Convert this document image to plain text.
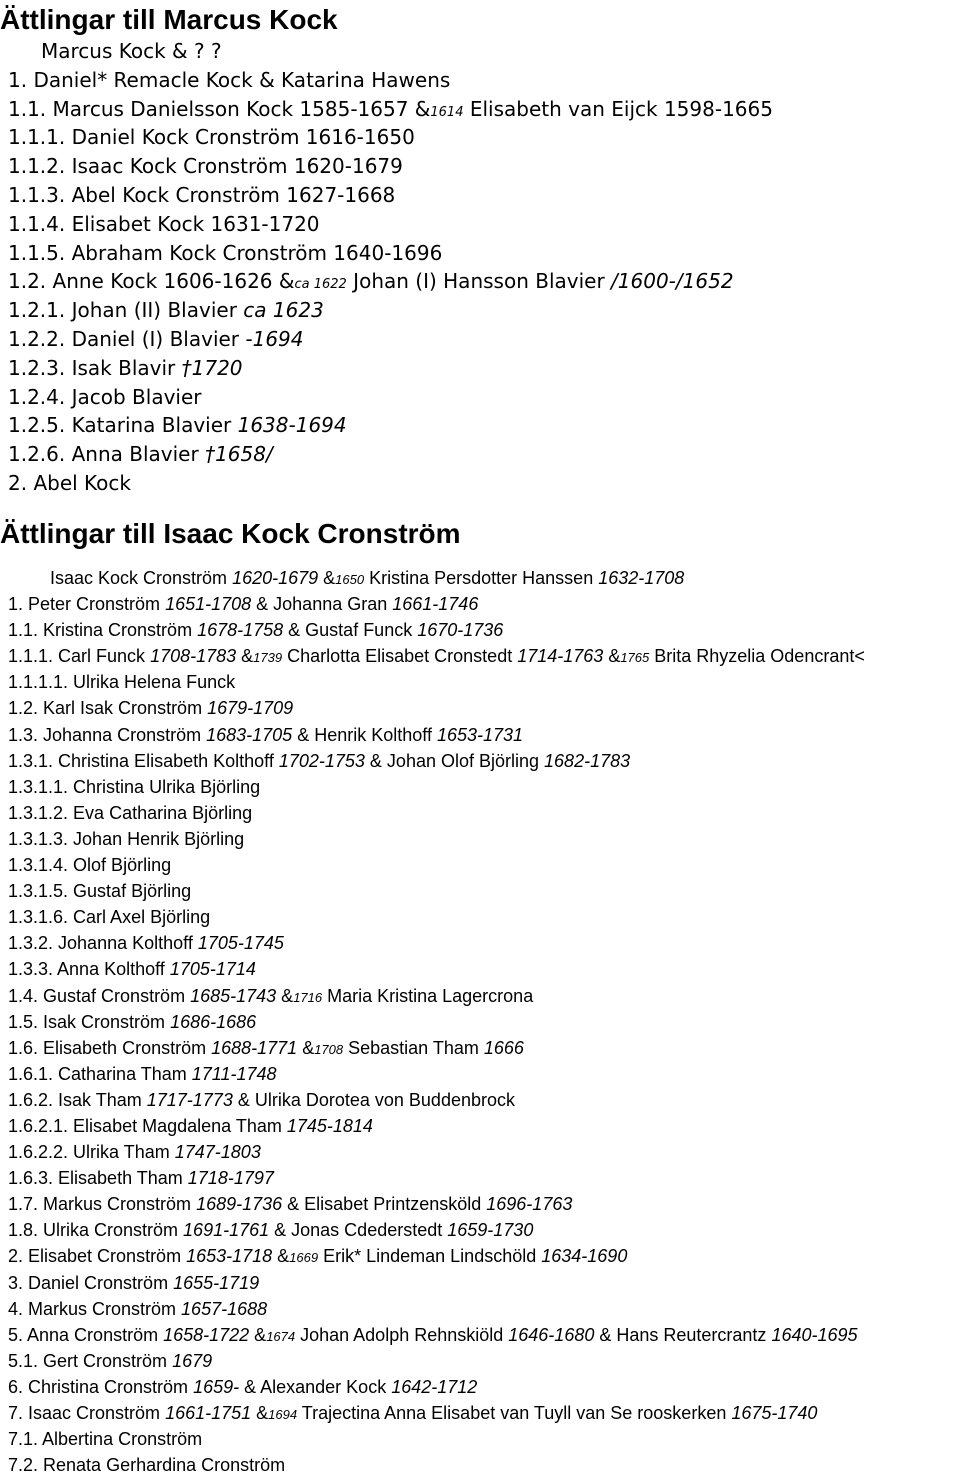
Ättlingar till Marcus Kock
Marcus Kock & ? ?
1. Daniel* Remacle Kock & Katarina Hawens
1.1. Marcus Danielsson Kock 1585-1657 &1614 Elisabeth van Eijck 1598-1665
1.1.1. Daniel Kock Cronström 1616-1650
1.1.2. Isaac Kock Cronström 1620-1679
1.1.3. Abel Kock Cronström 1627-1668
1.1.4. Elisabet Kock 1631-1720
1.1.5. Abraham Kock Cronström 1640-1696
1.2. Anne Kock 1606-1626 &ca 1622 Johan (I) Hansson Blavier /1600-/1652
1.2.1. Johan (II) Blavier ca 1623
1.2.2. Daniel (I) Blavier -1694
1.2.3. Isak Blavir †1720
1.2.4. Jacob Blavier
1.2.5. Katarina Blavier 1638-1694
1.2.6. Anna Blavier †1658/
2. Abel Kock
Ättlingar till Isaac Kock Cronström
Isaac Kock Cronström 1620-1679 &1650 Kristina Persdotter Hanssen 1632-1708
1. Peter Cronström 1651-1708 & Johanna Gran 1661-1746
1.1. Kristina Cronström 1678-1758 & Gustaf Funck 1670-1736
1.1.1. Carl Funck 1708-1783 &1739 Charlotta Elisabet Cronstedt 1714-1763 &1765 Brita Rhyzelia Odencrant<
1.1.1.1. Ulrika Helena Funck
1.2. Karl Isak Cronström 1679-1709
1.3. Johanna Cronström 1683-1705 & Henrik Kolthoff 1653-1731
1.3.1. Christina Elisabeth Kolthoff 1702-1753 & Johan Olof Björling 1682-1783
1.3.1.1. Christina Ulrika Björling
1.3.1.2. Eva Catharina Björling
1.3.1.3. Johan Henrik Björling
1.3.1.4. Olof Björling
1.3.1.5. Gustaf Björling
1.3.1.6. Carl Axel Björling
1.3.2. Johanna Kolthoff 1705-1745
1.3.3. Anna Kolthoff 1705-1714
1.4. Gustaf Cronström 1685-1743 &1716 Maria Kristina Lagercrona
1.5. Isak Cronström 1686-1686
1.6. Elisabeth Cronström 1688-1771 &1708 Sebastian Tham 1666
1.6.1. Catharina Tham 1711-1748
1.6.2. Isak Tham 1717-1773 & Ulrika Dorotea von Buddenbrock
1.6.2.1. Elisabet Magdalena Tham 1745-1814
1.6.2.2. Ulrika Tham 1747-1803
1.6.3. Elisabeth Tham 1718-1797
1.7. Markus Cronström 1689-1736 & Elisabet Printzensköld 1696-1763
1.8. Ulrika Cronström 1691-1761 & Jonas Cdederstedt 1659-1730
2. Elisabet Cronström 1653-1718 &1669 Erik* Lindeman Lindschöld 1634-1690
3. Daniel Cronström 1655-1719
4. Markus Cronström 1657-1688
5. Anna Cronström 1658-1722 &1674 Johan Adolph Rehnskiöld 1646-1680 & Hans Reutercrantz 1640-1695
5.1. Gert Cronström 1679
6. Christina Cronström 1659- & Alexander Kock 1642-1712
7. Isaac Cronström 1661-1751 &1694 Trajectina Anna Elisabet van Tuyll van Se rooskerken 1675-1740
7.1. Albertina Cronström
7.2. Renata Gerhardina Cronström
